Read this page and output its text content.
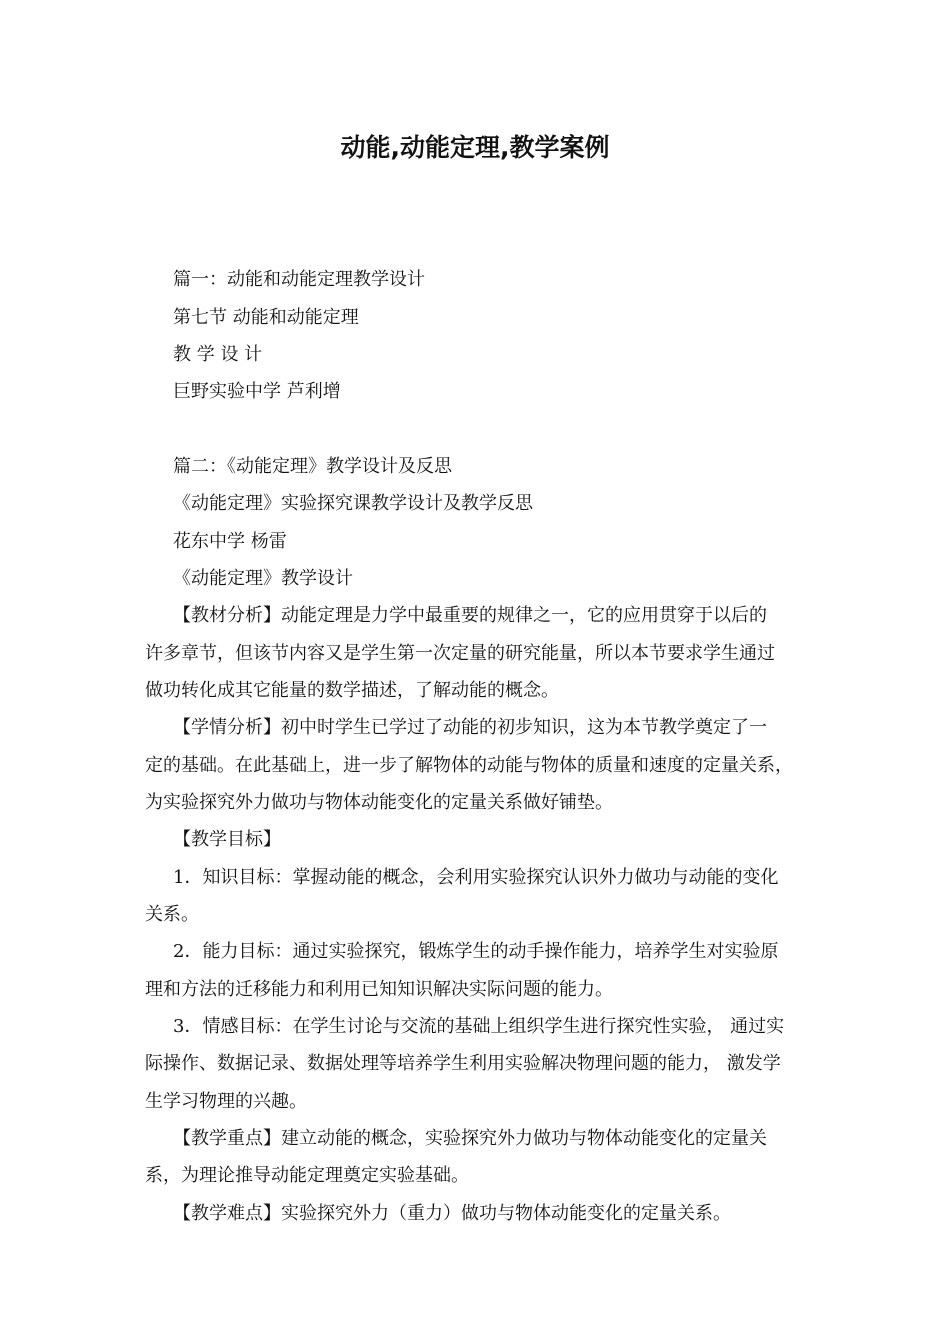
动能,动能定理,教学案例
篇一：动能和动能定理教学设计
第七节 动能和动能定理
教 学 设 计
巨野实验中学 芦利增
篇二：《动能定理》教学设计及反思
《动能定理》实验探究课教学设计及教学反思
花东中学 杨雷
《动能定理》教学设计
【教材分析】动能定理是力学中最重要的规律之一，它的应用贯穿于以后的
许多章节，但该节内容又是学生第一次定量的研究能量，所以本节要求学生通过
做功转化成其它能量的数学描述，了解动能的概念。
【学情分析】初中时学生已学过了动能的初步知识，这为本节教学奠定了一
定的基础。在此基础上，进一步了解物体的动能与物体的质量和速度的定量关系，
为实验探究外力做功与物体动能变化的定量关系做好铺垫。
【教学目标】
1．知识目标：掌握动能的概念，会利用实验探究认识外力做功与动能的变化
关系。
2．能力目标：通过实验探究，锻炼学生的动手操作能力，培养学生对实验原
理和方法的迁移能力和利用已知知识解决实际问题的能力。
3．情感目标：在学生讨论与交流的基础上组织学生进行探究性实验， 通过实
际操作、数据记录、数据处理等培养学生利用实验解决物理问题的能力， 激发学
生学习物理的兴趣。
【教学重点】建立动能的概念，实验探究外力做功与物体动能变化的定量关
系，为理论推导动能定理奠定实验基础。
【教学难点】实验探究外力（重力）做功与物体动能变化的定量关系。
